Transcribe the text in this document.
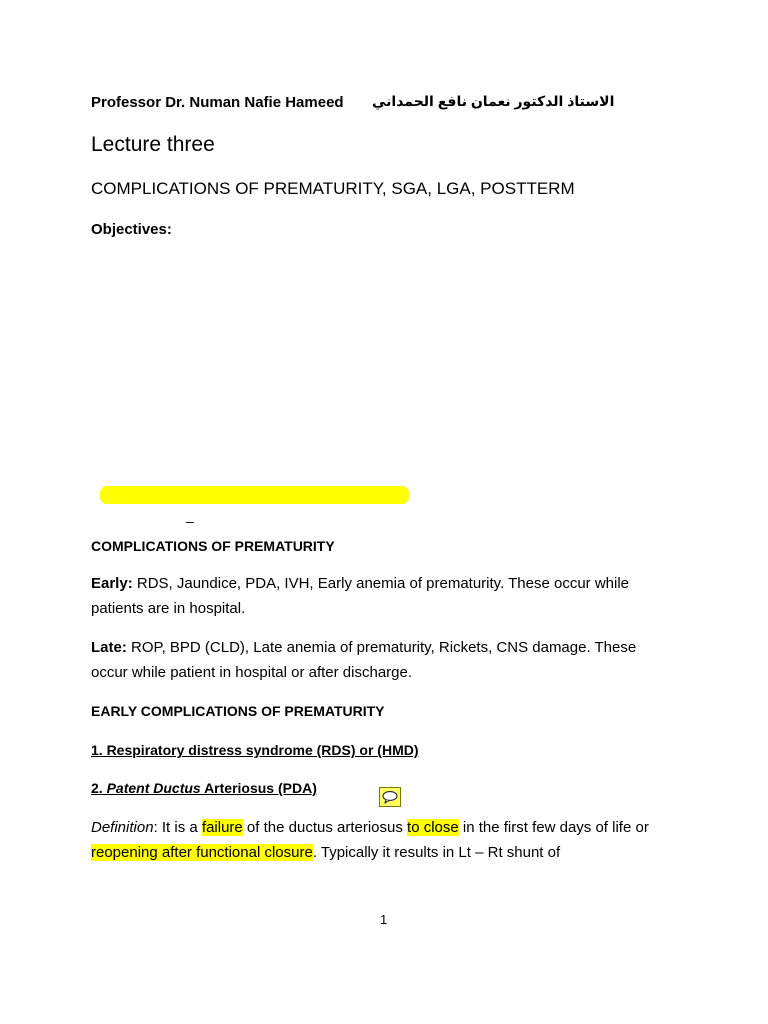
Professor Dr. Numan Nafie Hameed الاستاذ الدكتور نعمان نافع الحمداني
Lecture three
COMPLICATIONS OF PREMATURITY, SGA, LGA, POSTTERM
Objectives:
–
COMPLICATIONS OF PREMATURITY
Early: RDS, Jaundice, PDA, IVH, Early anemia of prematurity. These occur while patients are in hospital.
Late: ROP, BPD (CLD), Late anemia of prematurity, Rickets, CNS damage. These occur while patient in hospital or after discharge.
EARLY COMPLICATIONS OF PREMATURITY
1. Respiratory distress syndrome (RDS) or (HMD)
2. Patent Ductus Arteriosus (PDA)
Definition: It is a failure of the ductus arteriosus to close in the first few days of life or reopening after functional closure. Typically it results in Lt – Rt shunt of
1
